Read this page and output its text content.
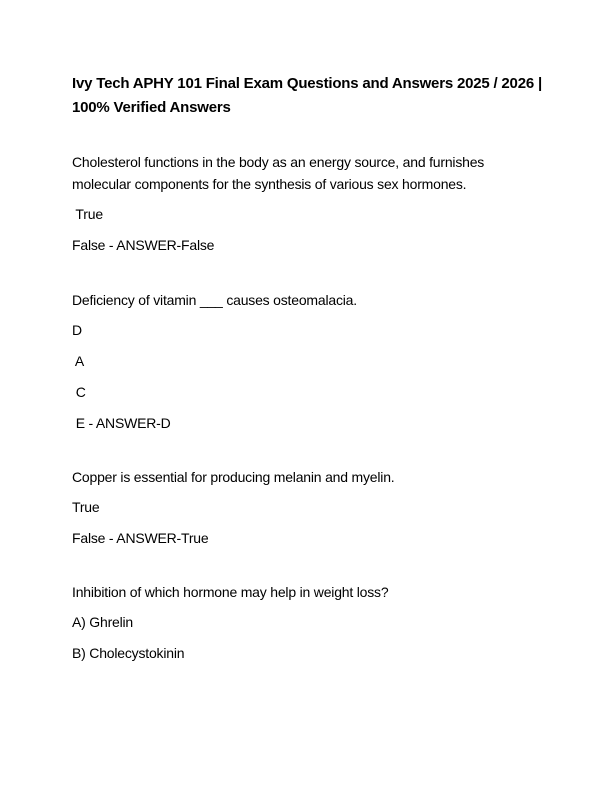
Ivy Tech APHY 101 Final Exam Questions and Answers 2025 / 2026 | 100% Verified Answers

Cholesterol functions in the body as an energy source, and furnishes molecular components for the synthesis of various sex hormones.

True
False - ANSWER-False

Deficiency of vitamin ___ causes osteomalacia.

D
A
C
E - ANSWER-D

Copper is essential for producing melanin and myelin.

True
False - ANSWER-True

Inhibition of which hormone may help in weight loss?

A) Ghrelin
B) Cholecystokinin
